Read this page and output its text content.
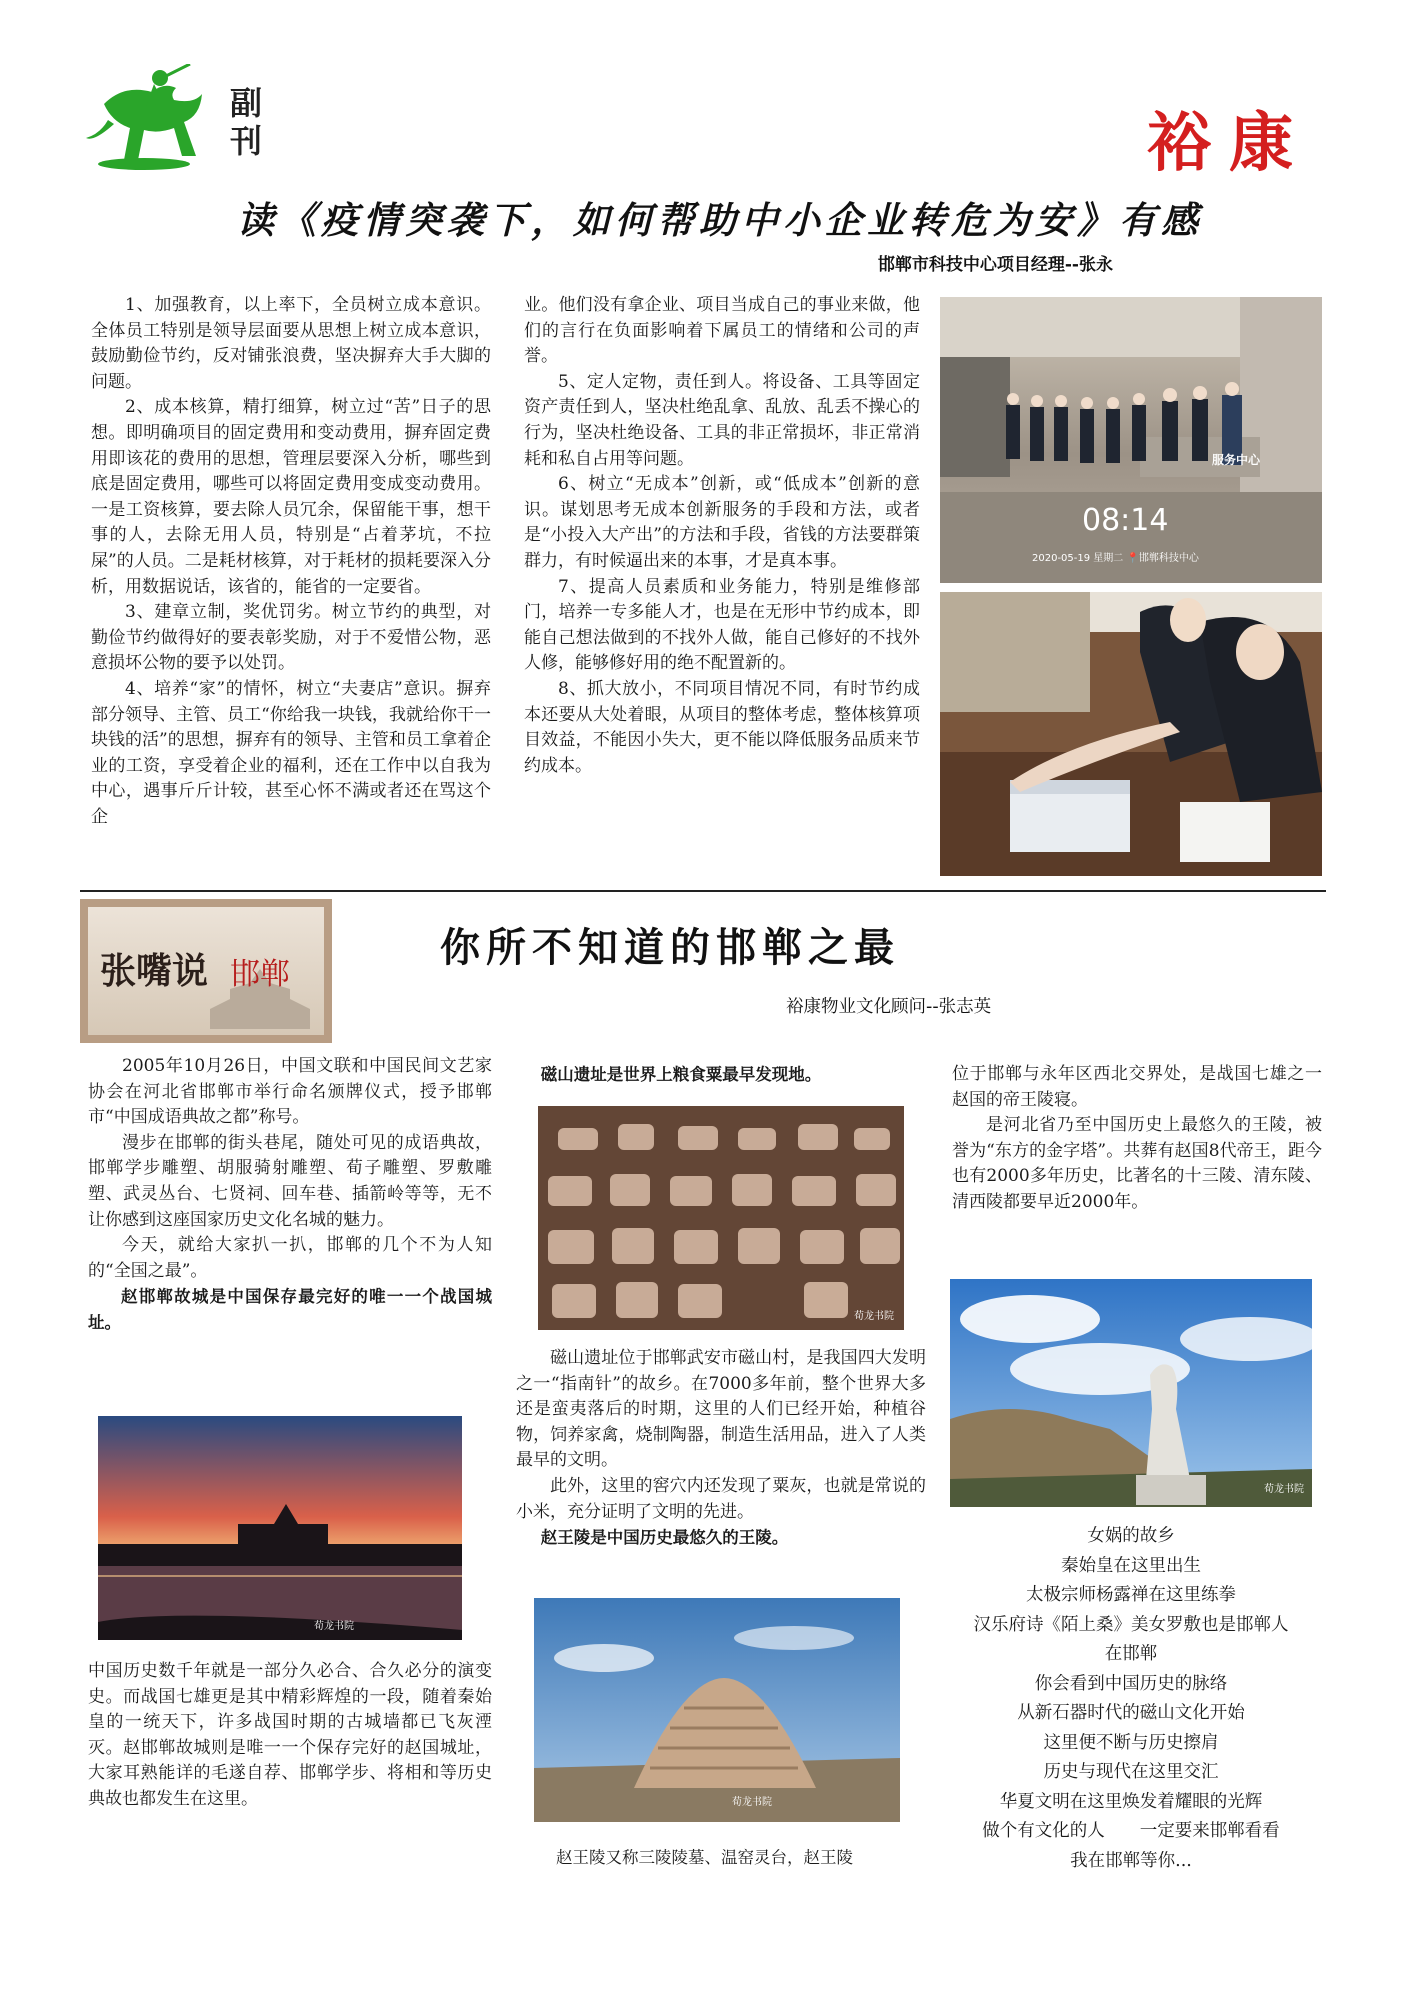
副
刊	裕康
读《疫情突袭下，如何帮助中小企业转危为安》有感
邯郸市科技中心项目经理--张永

1、加强教育，以上率下，全员树立成本意识。全体员工特别是领导层面要从思想上树立成本意识，鼓励勤俭节约，反对铺张浪费，坚决摒弃大手大脚的问题。

2、成本核算，精打细算，树立过“苦”日子的思想。即明确项目的固定费用和变动费用，摒弃固定费用即该花的费用的思想，管理层要深入分析，哪些到底是固定费用，哪些可以将固定费用变成变动费用。一是工资核算，要去除人员冗余，保留能干事，想干事的人，去除无用人员，特别是“占着茅坑，不拉屎”的人员。二是耗材核算，对于耗材的损耗要深入分析，用数据说话，该省的，能省的一定要省。

3、建章立制，奖优罚劣。树立节约的典型，对勤俭节约做得好的要表彰奖励，对于不爱惜公物，恶意损坏公物的要予以处罚。

4、培养“家”的情怀，树立“夫妻店”意识。摒弃部分领导、主管、员工“你给我一块钱，我就给你干一块钱的活”的思想，摒弃有的领导、主管和员工拿着企业的工资，享受着企业的福利，还在工作中以自我为中心，遇事斤斤计较，甚至心怀不满或者还在骂这个企

业。他们没有拿企业、项目当成自己的事业来做，他们的言行在负面影响着下属员工的情绪和公司的声誉。

5、定人定物，责任到人。将设备、工具等固定资产责任到人，坚决杜绝乱拿、乱放、乱丢不操心的行为，坚决杜绝设备、工具的非正常损坏，非正常消耗和私自占用等问题。

6、树立“无成本”创新，或“低成本”创新的意识。谋划思考无成本创新服务的手段和方法，或者是“小投入大产出”的方法和手段，省钱的方法要群策群力，有时候逼出来的本事，才是真本事。

7、提高人员素质和业务能力，特别是维修部门，培养一专多能人才，也是在无形中节约成本，即能自己想法做到的不找外人做，能自己修好的不找外人修，能够修好用的绝不配置新的。

8、抓大放小，不同项目情况不同，有时节约成本还要从大处着眼，从项目的整体考虑，整体核算项目效益，不能因小失大，更不能以降低服务品质来节约成本。

服务中心
08:14
2020-05-19 星期二 📍邯郸科技中心
张嘴说 邯郸
你所不知道的邯郸之最
裕康物业文化顾问--张志英

2005年10月26日，中国文联和中国民间文艺家协会在河北省邯郸市举行命名颁牌仪式，授予邯郸市“中国成语典故之都”称号。

漫步在邯郸的街头巷尾，随处可见的成语典故，邯郸学步雕塑、胡服骑射雕塑、荀子雕塑、罗敷雕塑、武灵丛台、七贤祠、回车巷、插箭岭等等，无不让你感到这座国家历史文化名城的魅力。

今天，就给大家扒一扒，邯郸的几个不为人知的“全国之最”。

赵邯郸故城是中国保存最完好的唯一一个战国城址。

荀龙书院

中国历史数千年就是一部分久必合、合久必分的演变史。而战国七雄更是其中精彩辉煌的一段，随着秦始皇的一统天下，许多战国时期的古城墙都已飞灰湮灭。赵邯郸故城则是唯一一个保存完好的赵国城址，大家耳熟能详的毛遂自荐、邯郸学步、将相和等历史典故也都发生在这里。

磁山遗址是世界上粮食粟最早发现地。

荀龙书院

磁山遗址位于邯郸武安市磁山村，是我国四大发明之一“指南针”的故乡。在7000多年前，整个世界大多还是蛮夷落后的时期，这里的人们已经开始，种植谷物，饲养家禽，烧制陶器，制造生活用品，进入了人类最早的文明。

此外，这里的窖穴内还发现了粟灰，也就是常说的小米，充分证明了文明的先进。

赵王陵是中国历史最悠久的王陵。

荀龙书院
赵王陵又称三陵陵墓、温窑灵台，赵王陵

位于邯郸与永年区西北交界处，是战国七雄之一赵国的帝王陵寝。

是河北省乃至中国历史上最悠久的王陵，被誉为“东方的金字塔”。共葬有赵国8代帝王，距今也有2000多年历史，比著名的十三陵、清东陵、清西陵都要早近2000年。

荀龙书院

女娲的故乡

秦始皇在这里出生

太极宗师杨露禅在这里练拳

汉乐府诗《陌上桑》美女罗敷也是邯郸人

在邯郸

你会看到中国历史的脉络

从新石器时代的磁山文化开始

这里便不断与历史擦肩

历史与现代在这里交汇

华夏文明在这里焕发着耀眼的光辉

做个有文化的人　　一定要来邯郸看看

我在邯郸等你...
